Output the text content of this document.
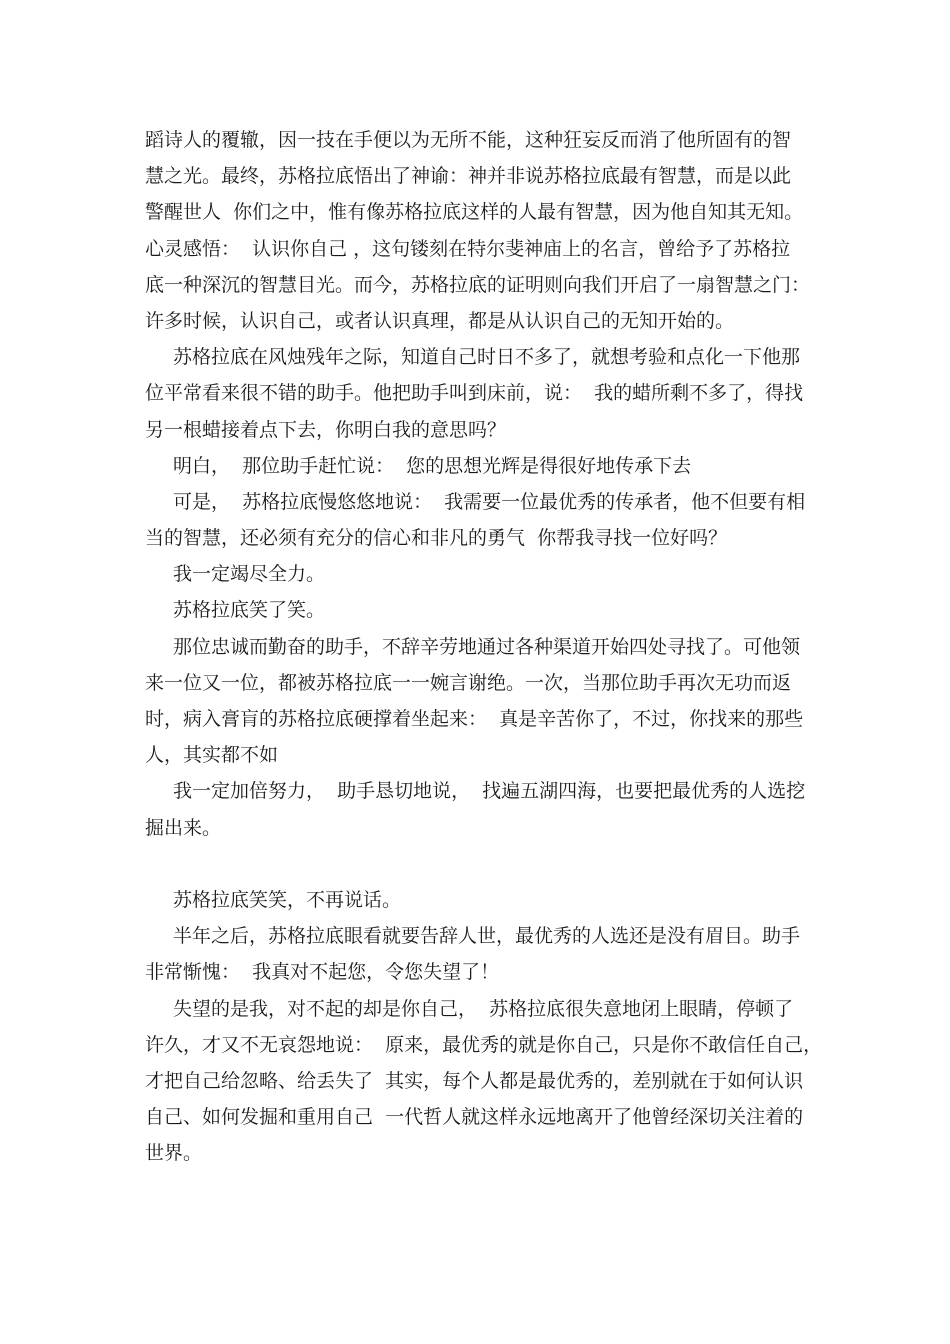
蹈诗人的覆辙，因一技在手便以为无所不能，这种狂妄反而消了他所固有的智
慧之光。最终，苏格拉底悟出了神谕：神并非说苏格拉底最有智慧，而是以此
警醒世人  你们之中，惟有像苏格拉底这样的人最有智慧，因为他自知其无知。
心灵感悟：  认识你自己 ，这句镂刻在特尔斐神庙上的名言，曾给予了苏格拉
底一种深沉的智慧目光。而今，苏格拉底的证明则向我们开启了一扇智慧之门：
许多时候，认识自己，或者认识真理，都是从认识自己的无知开始的。
苏格拉底在风烛残年之际，知道自己时日不多了，就想考验和点化一下他那
位平常看来很不错的助手。他把助手叫到床前，说：  我的蜡所剩不多了，得找
另一根蜡接着点下去，你明白我的意思吗？
明白，  那位助手赶忙说：  您的思想光辉是得很好地传承下去
可是，  苏格拉底慢悠悠地说：  我需要一位最优秀的传承者，他不但要有相
当的智慧，还必须有充分的信心和非凡的勇气  你帮我寻找一位好吗？
我一定竭尽全力。
苏格拉底笑了笑。
那位忠诚而勤奋的助手，不辞辛劳地通过各种渠道开始四处寻找了。可他领
来一位又一位，都被苏格拉底一一婉言谢绝。一次，当那位助手再次无功而返
时，病入膏肓的苏格拉底硬撑着坐起来：  真是辛苦你了，不过，你找来的那些
人，其实都不如
我一定加倍努力，  助手恳切地说，  找遍五湖四海，也要把最优秀的人选挖
掘出来。
苏格拉底笑笑，不再说话。
半年之后，苏格拉底眼看就要告辞人世，最优秀的人选还是没有眉目。助手
非常惭愧：  我真对不起您，令您失望了！
失望的是我，对不起的却是你自己，  苏格拉底很失意地闭上眼睛，停顿了
许久，才又不无哀怨地说：  原来，最优秀的就是你自己，只是你不敢信任自己，
才把自己给忽略、给丢失了  其实，每个人都是最优秀的，差别就在于如何认识
自己、如何发掘和重用自己  一代哲人就这样永远地离开了他曾经深切关注着的
世界。
